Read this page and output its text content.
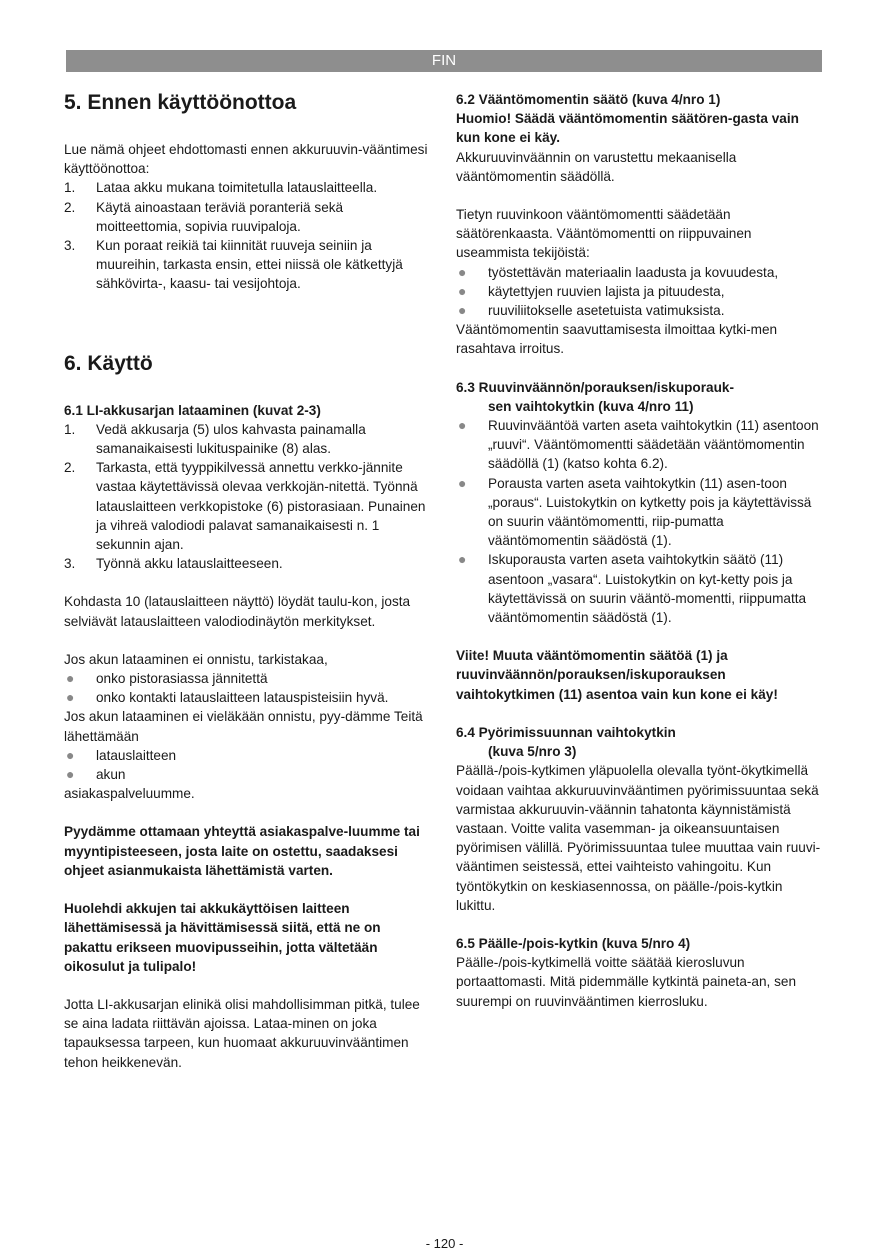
FIN
5. Ennen käyttöönottoa

Lue nämä ohjeet ehdottomasti ennen akkuruuvin-vääntimesi käyttöönottoa:

1. Lataa akku mukana toimitetulla latauslaitteella.
2. Käytä ainoastaan teräviä poranteriä sekä moitteettomia, sopivia ruuvipaloja.
3. Kun poraat reikiä tai kiinnität ruuveja seiniin ja muureihin, tarkasta ensin, ettei niissä ole kätkettyjä sähkövirta-, kaasu- tai vesijohtoja.
6. Käyttö
6.1 LI-akkusarjan lataaminen (kuvat 2-3)
1. Vedä akkusarja (5) ulos kahvasta painamalla samanaikaisesti lukituspainike (8) alas.
2. Tarkasta, että tyyppikilvessä annettu verkko-jännite vastaa käytettävissä olevaa verkkojän-nitettä. Työnnä latauslaitteen verkkopistoke (6) pistorasiaan. Punainen ja vihreä valodiodi palavat samanaikaisesti n. 1 sekunnin ajan.
3. Työnnä akku latauslaitteeseen.

Kohdasta 10 (latauslaitteen näyttö) löydät taulu-kon, josta selviävät latauslaitteen valodiodinäytön merkitykset.

Jos akun lataaminen ei onnistu, tarkistakaa,

● onko pistorasiassa jännitettä
● onko kontakti latauslaitteen latauspisteisiin hyvä.

Jos akun lataaminen ei vieläkään onnistu, pyy-dämme Teitä lähettämään

● latauslaitteen
● akun

asiakaspalveluumme.

Pyydämme ottamaan yhteyttä asiakaspalve-luumme tai myyntipisteeseen, josta laite on ostettu, saadaksesi ohjeet asianmukaista lähettämistä varten.

Huolehdi akkujen tai akkukäyttöisen laitteen lähettämisessä ja hävittämisessä siitä, että ne on pakattu erikseen muovipusseihin, jotta vältetään oikosulut ja tulipalo!

Jotta LI-akkusarjan elinikä olisi mahdollisimman pitkä, tulee se aina ladata riittävän ajoissa. Lataa-minen on joka tapauksessa tarpeen, kun huomaat akkuruuvinvääntimen tehon heikkenevän.

6.2 Vääntömomentin säätö (kuva 4/nro 1)

Huomio! Säädä vääntömomentin säätören-gasta vain kun kone ei käy.

Akkuruuvinväännin on varustettu mekaanisella vääntömomentin säädöllä.

Tietyn ruuvinkoon vääntömomentti säädetään säätörenkaasta. Vääntömomentti on riippuvainen useammista tekijöistä:

● työstettävän materiaalin laadusta ja kovuudesta,
● käytettyjen ruuvien lajista ja pituudesta,
● ruuviliitokselle asetetuista vatimuksista.

Vääntömomentin saavuttamisesta ilmoittaa kytki-men rasahtava irroitus.

6.3 Ruuvinväännön/porauksen/iskuporauk-
sen vaihtokytkin (kuva 4/nro 11)
● Ruuvinvääntöä varten aseta vaihtokytkin (11) asentoon „ruuvi“. Vääntömomentti säädetään vääntömomentin säädöllä (1) (katso kohta 6.2).
● Porausta varten aseta vaihtokytkin (11) asen-toon „poraus“. Luistokytkin on kytketty pois ja käytettävissä on suurin vääntömomentti, riip-pumatta vääntömomentin säädöstä (1).
● Iskuporausta varten aseta vaihtokytkin säätö (11) asentoon „vasara“. Luistokytkin on kyt-ketty pois ja käytettävissä on suurin vääntö-momentti, riippumatta vääntömomentin säädöstä (1).

Viite! Muuta vääntömomentin säätöä (1) ja ruuvinväännön/porauksen/iskuporauksen vaihtokytkimen (11) asentoa vain kun kone ei käy!

6.4 Pyörimissuunnan vaihtokytkin
(kuva 5/nro 3)

Päällä-/pois-kytkimen yläpuolella olevalla työnt-ökytkimellä voidaan vaihtaa akkuruuvinvääntimen pyörimissuuntaa sekä varmistaa akkuruuvin-väännin tahatonta käynnistämistä vastaan. Voitte valita vasemman- ja oikeansuuntaisen pyörimisen välillä. Pyörimissuuntaa tulee muuttaa vain ruuvi-vääntimen seistessä, ettei vaihteisto vahingoitu. Kun työntökytkin on keskiasennossa, on päälle-/pois-kytkin lukittu.

6.5 Päälle-/pois-kytkin (kuva 5/nro 4)

Päälle-/pois-kytkimellä voitte säätää kierosluvun portaattomasti. Mitä pidemmälle kytkintä paineta-an, sen suurempi on ruuvinvääntimen kierrosluku.

- 120 -
